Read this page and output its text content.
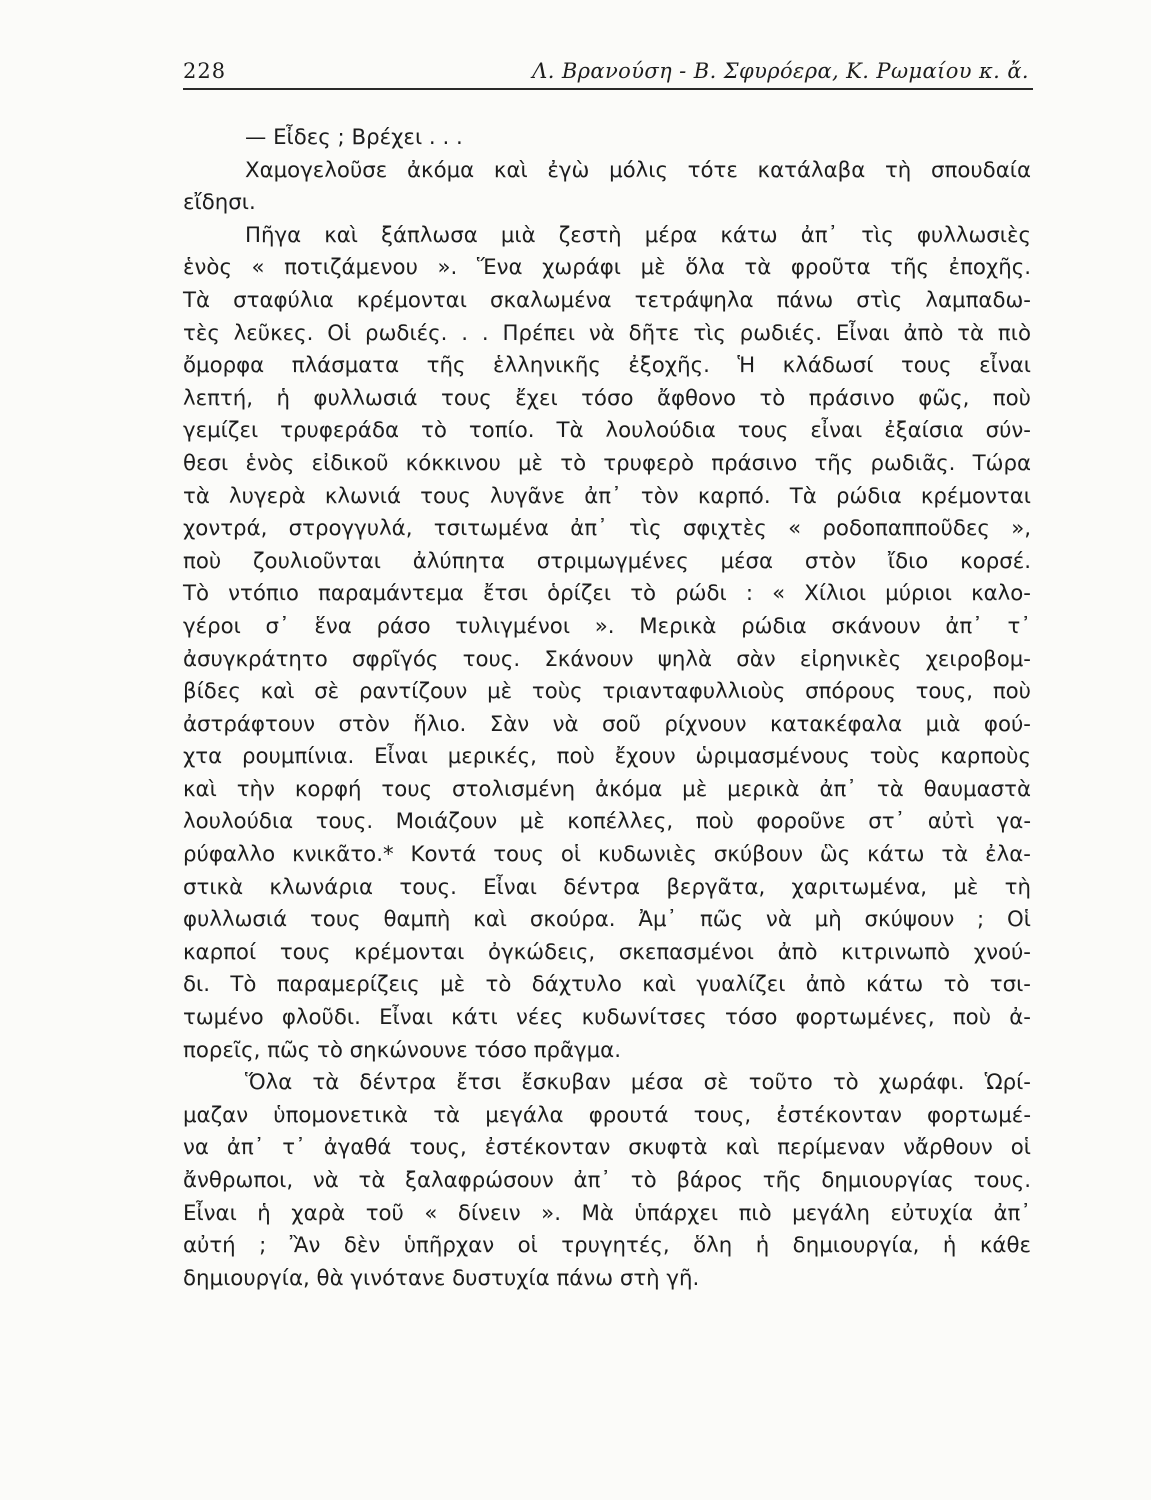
228	Λ. Βρανούση - Β. Σφυρόερα, Κ. Ρωμαίου κ. ἄ.
— Εἶδες ; Βρέχει . . .
Χαμογελοῦσε ἀκόμα καὶ ἐγὼ μόλις τότε κατάλαβα τὴ σπουδαία
εἴδησι.
Πῆγα καὶ ξάπλωσα μιὰ ζεστὴ μέρα κάτω ἀπ᾿ τὶς φυλλωσιὲς
ἑνὸς « ποτιζάμενου ». Ἕνα χωράφι μὲ ὅλα τὰ φροῦτα τῆς ἐποχῆς.
Τὰ σταφύλια κρέμονται σκαλωμένα τετράψηλα πάνω στὶς λαμπαδω-
τὲς λεῦκες. Οἱ ρωδιές. . . Πρέπει νὰ δῆτε τὶς ρωδιές. Εἶναι ἀπὸ τὰ πιὸ
ὄμορφα πλάσματα τῆς ἑλληνικῆς ἐξοχῆς. Ἡ κλάδωσί τους εἶναι
λεπτή, ἡ φυλλωσιά τους ἔχει τόσο ἄφθονο τὸ πράσινο φῶς, ποὺ
γεμίζει τρυφεράδα τὸ τοπίο. Τὰ λουλούδια τους εἶναι ἐξαίσια σύν-
θεσι ἑνὸς εἰδικοῦ κόκκινου μὲ τὸ τρυφερὸ πράσινο τῆς ρωδιᾶς. Τώρα
τὰ λυγερὰ κλωνιά τους λυγᾶνε ἀπ᾿ τὸν καρπό. Τὰ ρώδια κρέμονται
χοντρά, στρογγυλά, τσιτωμένα ἀπ᾿ τὶς σφιχτὲς « ροδοπαπποῦδες »,
ποὺ ζουλιοῦνται ἀλύπητα στριμωγμένες μέσα στὸν ἴδιο κορσέ.
Τὸ ντόπιο παραμάντεμα ἔτσι ὁρίζει τὸ ρώδι : « Χίλιοι μύριοι καλο-
γέροι σ᾿ ἕνα ράσο τυλιγμένοι ». Μερικὰ ρώδια σκάνουν ἀπ᾿ τ᾿
ἀσυγκράτητο σφρῖγός τους. Σκάνουν ψηλὰ σὰν εἰρηνικὲς χειροβομ-
βίδες καὶ σὲ ραντίζουν μὲ τοὺς τριανταφυλλιοὺς σπόρους τους, ποὺ
ἀστράφτουν στὸν ἥλιο. Σὰν νὰ σοῦ ρίχνουν κατακέφαλα μιὰ φού-
χτα ρουμπίνια. Εἶναι μερικές, ποὺ ἔχουν ὡριμασμένους τοὺς καρποὺς
καὶ τὴν κορφή τους στολισμένη ἀκόμα μὲ μερικὰ ἀπ᾿ τὰ θαυμαστὰ
λουλούδια τους. Μοιάζουν μὲ κοπέλλες, ποὺ φοροῦνε στ᾿ αὐτὶ γα-
ρύφαλλο κνικᾶτο.* Κοντά τους οἱ κυδωνιὲς σκύβουν ὣς κάτω τὰ ἐλα-
στικὰ κλωνάρια τους. Εἶναι δέντρα βεργᾶτα, χαριτωμένα, μὲ τὴ
φυλλωσιά τους θαμπὴ καὶ σκούρα. Ἀμ᾿ πῶς νὰ μὴ σκύψουν ; Οἱ
καρποί τους κρέμονται ὀγκώδεις, σκεπασμένοι ἀπὸ κιτρινωπὸ χνού-
δι. Τὸ παραμερίζεις μὲ τὸ δάχτυλο καὶ γυαλίζει ἀπὸ κάτω τὸ τσι-
τωμένο φλοῦδι. Εἶναι κάτι νέες κυδωνίτσες τόσο φορτωμένες, ποὺ ἀ-
πορεῖς, πῶς τὸ σηκώνουνε τόσο πρᾶγμα.
Ὅλα τὰ δέντρα ἔτσι ἔσκυβαν μέσα σὲ τοῦτο τὸ χωράφι. Ὡρί-
μαζαν ὑπομονετικὰ τὰ μεγάλα φρουτά τους, ἐστέκονταν φορτωμέ-
να ἀπ᾿ τ᾿ ἀγαθά τους, ἐστέκονταν σκυφτὰ καὶ περίμεναν νἄρθουν οἱ
ἄνθρωποι, νὰ τὰ ξαλαφρώσουν ἀπ᾿ τὸ βάρος τῆς δημιουργίας τους.
Εἶναι ἡ χαρὰ τοῦ « δίνειν ». Μὰ ὑπάρχει πιὸ μεγάλη εὐτυχία ἀπ᾿
αὐτή ; Ἂν δὲν ὑπῆρχαν οἱ τρυγητές, ὅλη ἡ δημιουργία, ἡ κάθε
δημιουργία, θὰ γινότανε δυστυχία πάνω στὴ γῆ.
